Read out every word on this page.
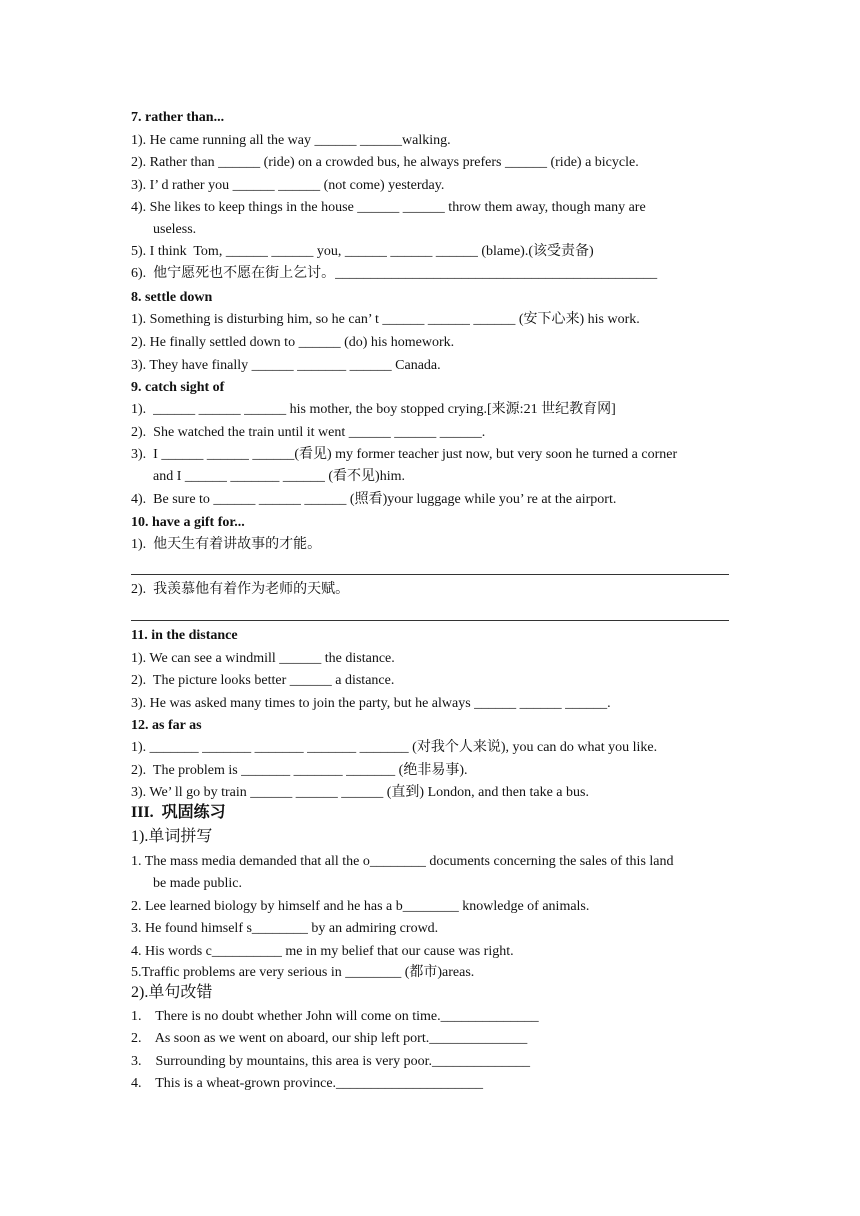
7. rather than...
1). He came running all the way ______ ______walking.
2). Rather than ______ (ride) on a crowded bus, he always prefers ______ (ride) a bicycle.
3). I’ d rather you ______ ______ (not come) yesterday.
4). She likes to keep things in the house ______ ______ throw them away, though many are
useless.
5). I think  Tom, ______ ______ you, ______ ______ ______ (blame).(该受责备)
6).  他宁愿死也不愿在街上乞讨。______________________________________________
8. settle down
1). Something is disturbing him, so he can’ t ______ ______ ______ (安下心来) his work.
2). He finally settled down to ______ (do) his homework.
3). They have finally ______ _______ ______ Canada.
9. catch sight of
1).  ______ ______ ______ his mother, the boy stopped crying.[来源:21 世纪教育网]
2).  She watched the train until it went ______ ______ ______.
3).  I ______ ______ ______(看见) my former teacher just now, but very soon he turned a corner
and I ______ _______ ______ (看不见)him.
4).  Be sure to ______ ______ ______ (照看)your luggage while you’ re at the airport.
10. have a gift for...
1).  他天生有着讲故事的才能。
2).  我羡慕他有着作为老师的天赋。
11. in the distance
1). We can see a windmill ______ the distance.
2).  The picture looks better ______ a distance.
3). He was asked many times to join the party, but he always ______ ______ ______.
12. as far as
1). _______ _______ _______ _______ _______ (对我个人来说), you can do what you like.
2).  The problem is _______ _______ _______ (绝非易事).
3). We’ ll go by train ______ ______ ______ (直到) London, and then take a bus.
III.  巩固练习
1).单词拼写
1. The mass media demanded that all the o________ documents concerning the sales of this land
be made public.
2. Lee learned biology by himself and he has a b________ knowledge of animals.
3. He found himself s________ by an admiring crowd.
4. His words c__________ me in my belief that our cause was right.
5.Traffic problems are very serious in ________ (都市)areas.
2).单句改错
1.    There is no doubt whether John will come on time.______________
2.    As soon as we went on aboard, our ship left port.______________
3.    Surrounding by mountains, this area is very poor.______________
4.    This is a wheat-grown province._____________________
